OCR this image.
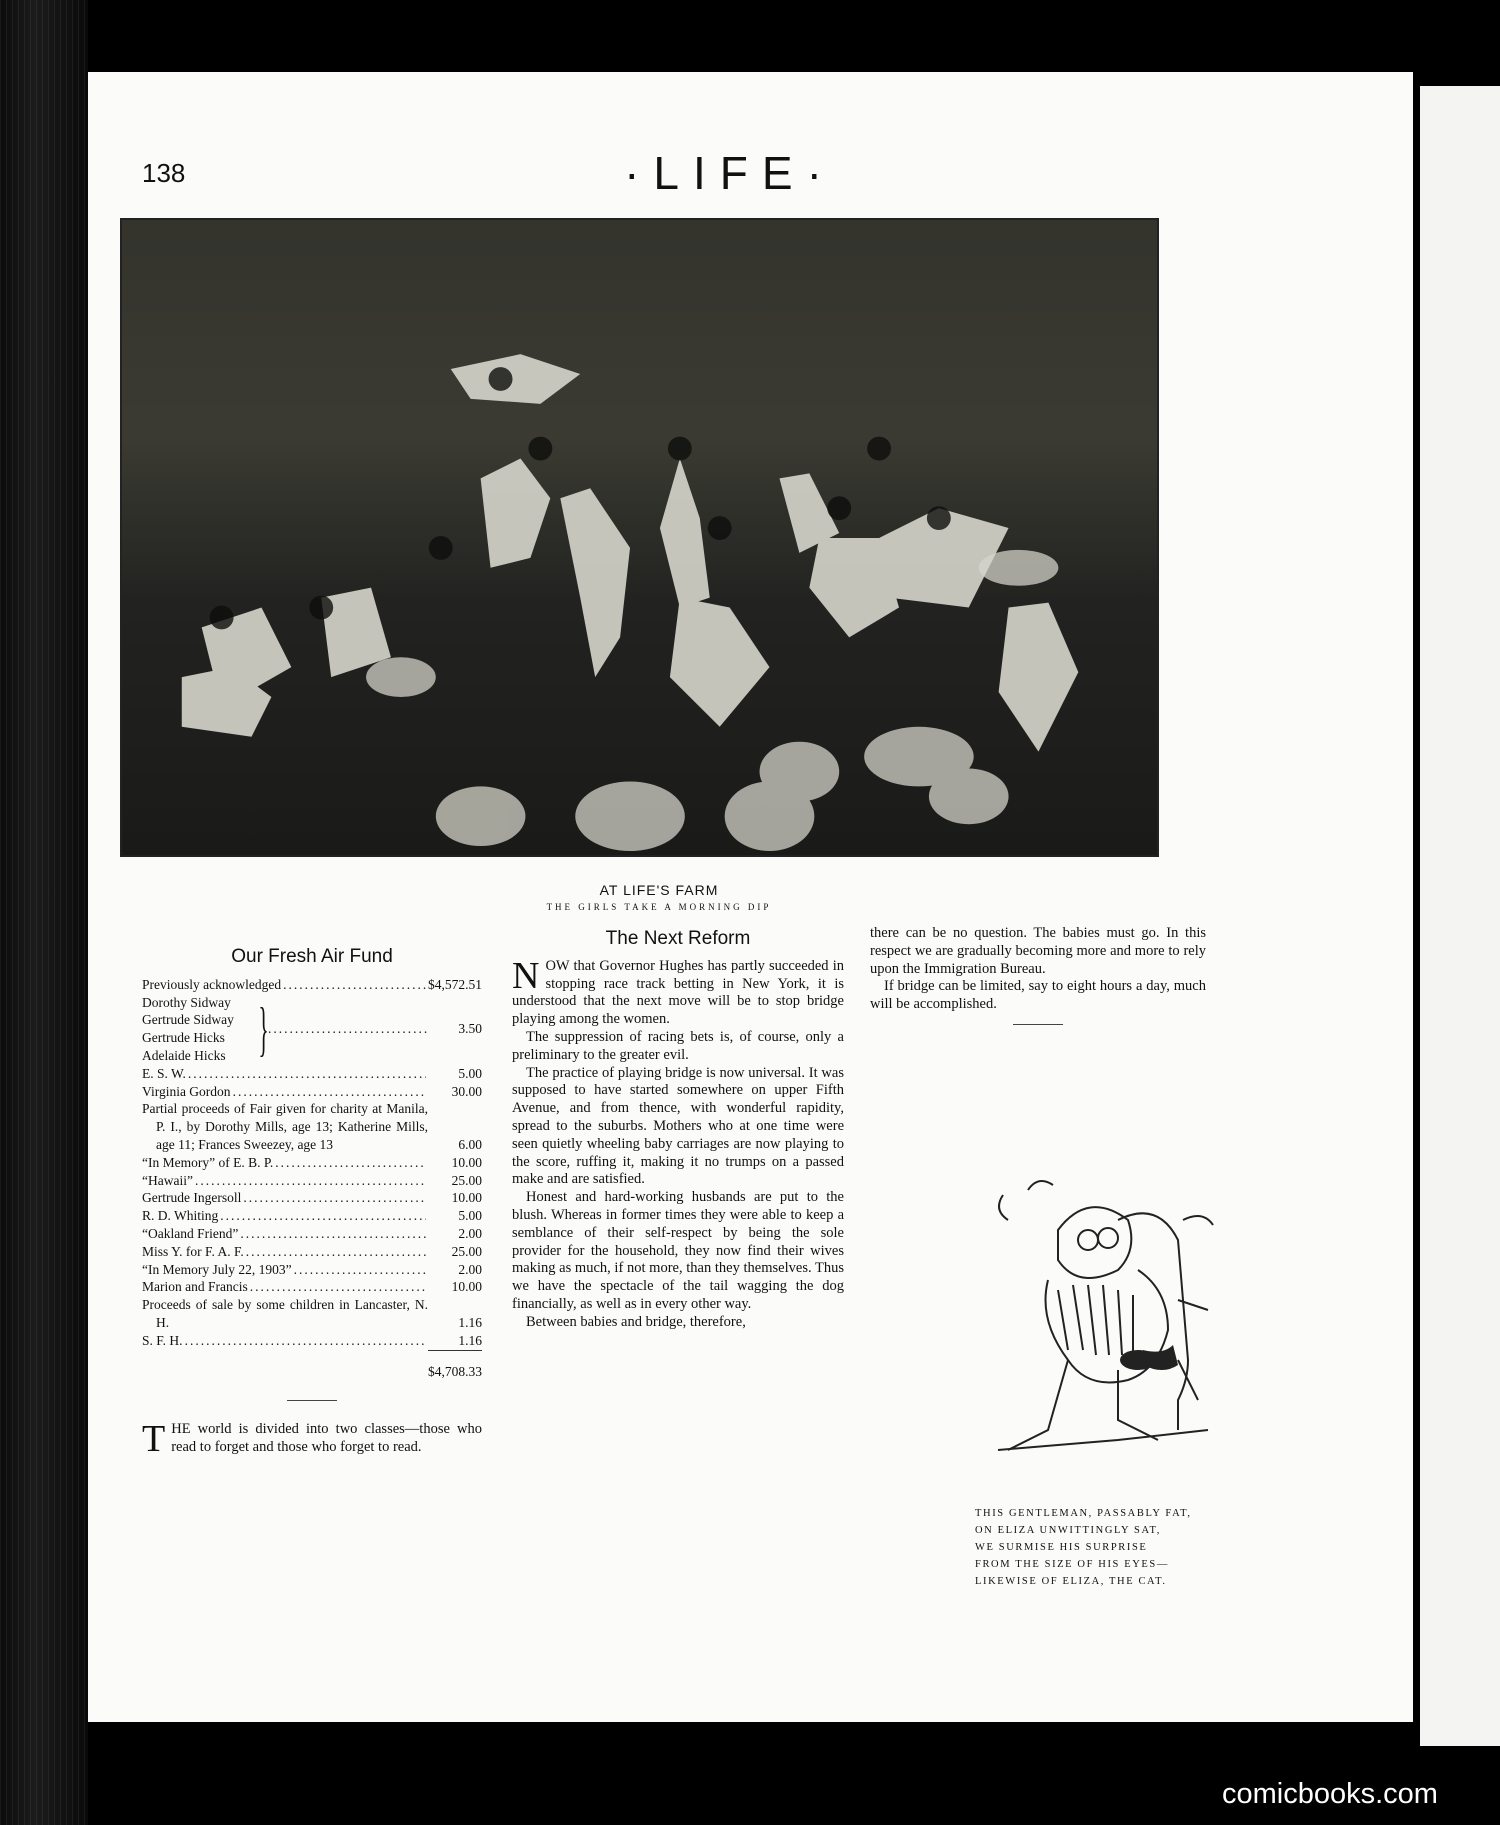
138	·LIFE·
AT LIFE'S FARM
THE GIRLS TAKE A MORNING DIP
Our Fresh Air Fund
Previously acknowledged .....	$4,572.51
Dorothy Sidway
Gertrude Sidway
Gertrude Hicks
Adelaide Hicks } .....	3.50
E. S. W. .....	5.00
Virginia Gordon .....	30.00
Partial proceeds of Fair given for charity at Manila, P. I., by Dorothy Mills, age 13; Katherine Mills, age 11; Frances Sweezey, age 13	6.00
“In Memory” of E. B. P. .....	10.00
“Hawaii” .....	25.00
Gertrude Ingersoll .....	10.00
R. D. Whiting .....	5.00
“Oakland Friend” .....	2.00
Miss Y. for F. A. F. .....	25.00
“In Memory July 22, 1903” .....	2.00
Marion and Francis .....	10.00
Proceeds of sale by some children in Lancaster, N. H.	1.16
S. F. H. .....	1.16
$4,708.33
THE world is divided into two classes—those who read to forget and those who forget to read.
The Next Reform

NOW that Governor Hughes has partly succeeded in stopping race track betting in New York, it is understood that the next move will be to stop bridge playing among the women.

The suppression of racing bets is, of course, only a preliminary to the greater evil.

The practice of playing bridge is now universal. It was supposed to have started somewhere on upper Fifth Avenue, and from thence, with wonderful rapidity, spread to the suburbs. Mothers who at one time were seen quietly wheeling baby carriages are now playing to the score, ruffing it, making it no trumps on a passed make and are satisfied.

Honest and hard-working husbands are put to the blush. Whereas in former times they were able to keep a semblance of their self-respect by being the sole provider for the household, they now find their wives making as much, if not more, than they themselves. Thus we have the spectacle of the tail wagging the dog financially, as well as in every other way.

Between babies and bridge, therefore,

there can be no question. The babies must go. In this respect we are gradually becoming more and more to rely upon the Immigration Bureau.

If bridge can be limited, say to eight hours a day, much will be accomplished.

THIS GENTLEMAN, PASSABLY FAT,
ON ELIZA UNWITTINGLY SAT,
WE SURMISE HIS SURPRISE
FROM THE SIZE OF HIS EYES—
LIKEWISE OF ELIZA, THE CAT.
comicbooks.com
